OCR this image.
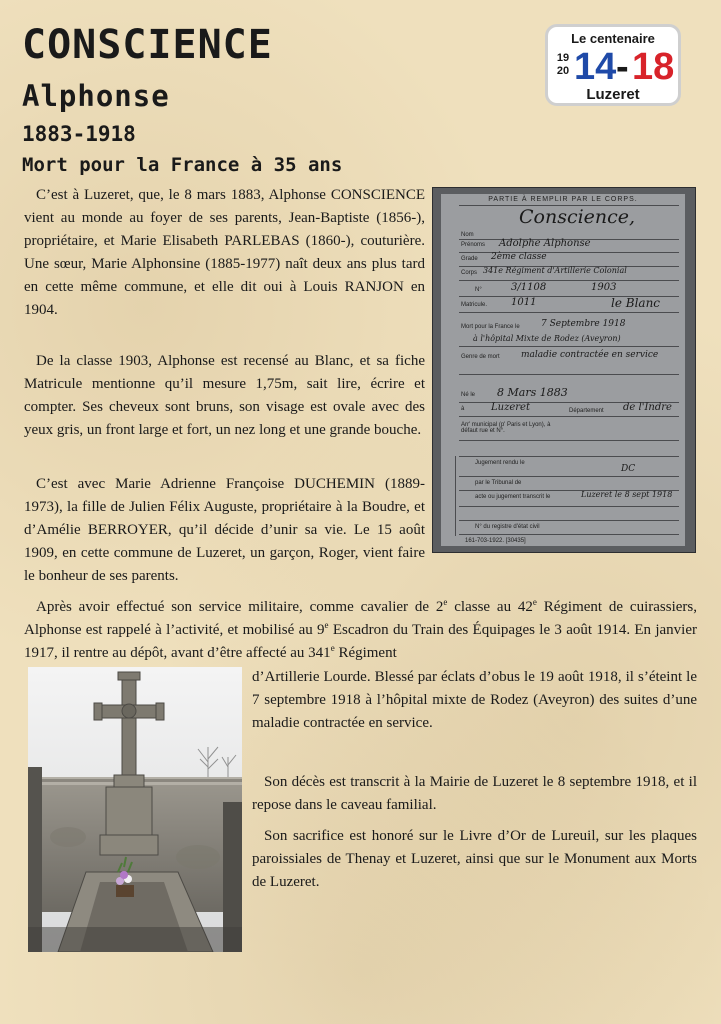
CONSCIENCE
Alphonse
1883-1918
Mort pour la France à 35 ans
Le centenaire
19
20 14 - 18
Luzeret

C’est à Luzeret, que, le 8 mars 1883, Alphonse CONSCIENCE vient au monde au foyer de ses parents, Jean-Baptiste (1856-), propriétaire, et Marie Elisabeth PARLEBAS (1860-), couturière. Une sœur, Marie Alphonsine (1885-1977) naît deux ans plus tard en cette même commune, et elle dit oui à Louis RANJON en 1904.

De la classe 1903, Alphonse est recensé au Blanc, et sa fiche Matricule mentionne qu’il mesure 1,75m, sait lire, écrire et compter. Ses cheveux sont bruns, son visage est ovale avec des yeux gris, un front large et fort, un nez long et une grande bouche.

C’est avec Marie Adrienne Françoise DUCHEMIN (1889-1973), la fille de Julien Félix Auguste, propriétaire à la Boudre, et d’Amélie BERROYER, qu’il décide d’unir sa vie. Le 15 août 1909, en cette commune de Luzeret, un garçon, Roger, vient faire le bonheur de ses parents.

Après avoir effectué son service militaire, comme cavalier de 2e classe au 42e Régiment de cuirassiers, Alphonse est rappelé à l’activité, et mobilisé au 9e Escadron du Train des Équipages le 3 août 1914. En janvier 1917, il rentre au dépôt, avant d’être affecté au 341e Régiment

d’Artillerie Lourde. Blessé par éclats d’obus le 19 août 1918, il s’éteint le 7 septembre 1918 à l’hôpital mixte de Rodez (Aveyron) des suites d’une maladie contractée en service.

Son décès est transcrit à la Mairie de Luzeret le 8 septembre 1918, et il repose dans le caveau familial.

Son sacrifice est honoré sur le Livre d’Or de Lureuil, sur les plaques paroissiales de Thenay et Luzeret, ainsi que sur le Monument aux Morts de Luzeret.

PARTIE À REMPLIR PAR LE CORPS.
Nom
Conscience,
Prénoms Adolphe Alphonse
Grade 2ème classe
Corps 341e Régiment d'Artillerie Colonial
N°	3/1108	1903
Matricule. 1011	le Blanc
Mort pour la France le 7 Septembre 1918
à l'hôpital Mixte de Rodez (Aveyron)
Genre de mort maladie contractée en service
Né le 8 Mars 1883
à	Luzeret	Département de l'Indre
Arr' municipal (p' Paris et Lyon), à défaut rue et N°.
Jugement rendu le
DC
par le Tribunal de
acte ou jugement transcrit le	Luzeret le 8 sept 1918
N° du registre d'état civil
161-703-1922. [30435]
